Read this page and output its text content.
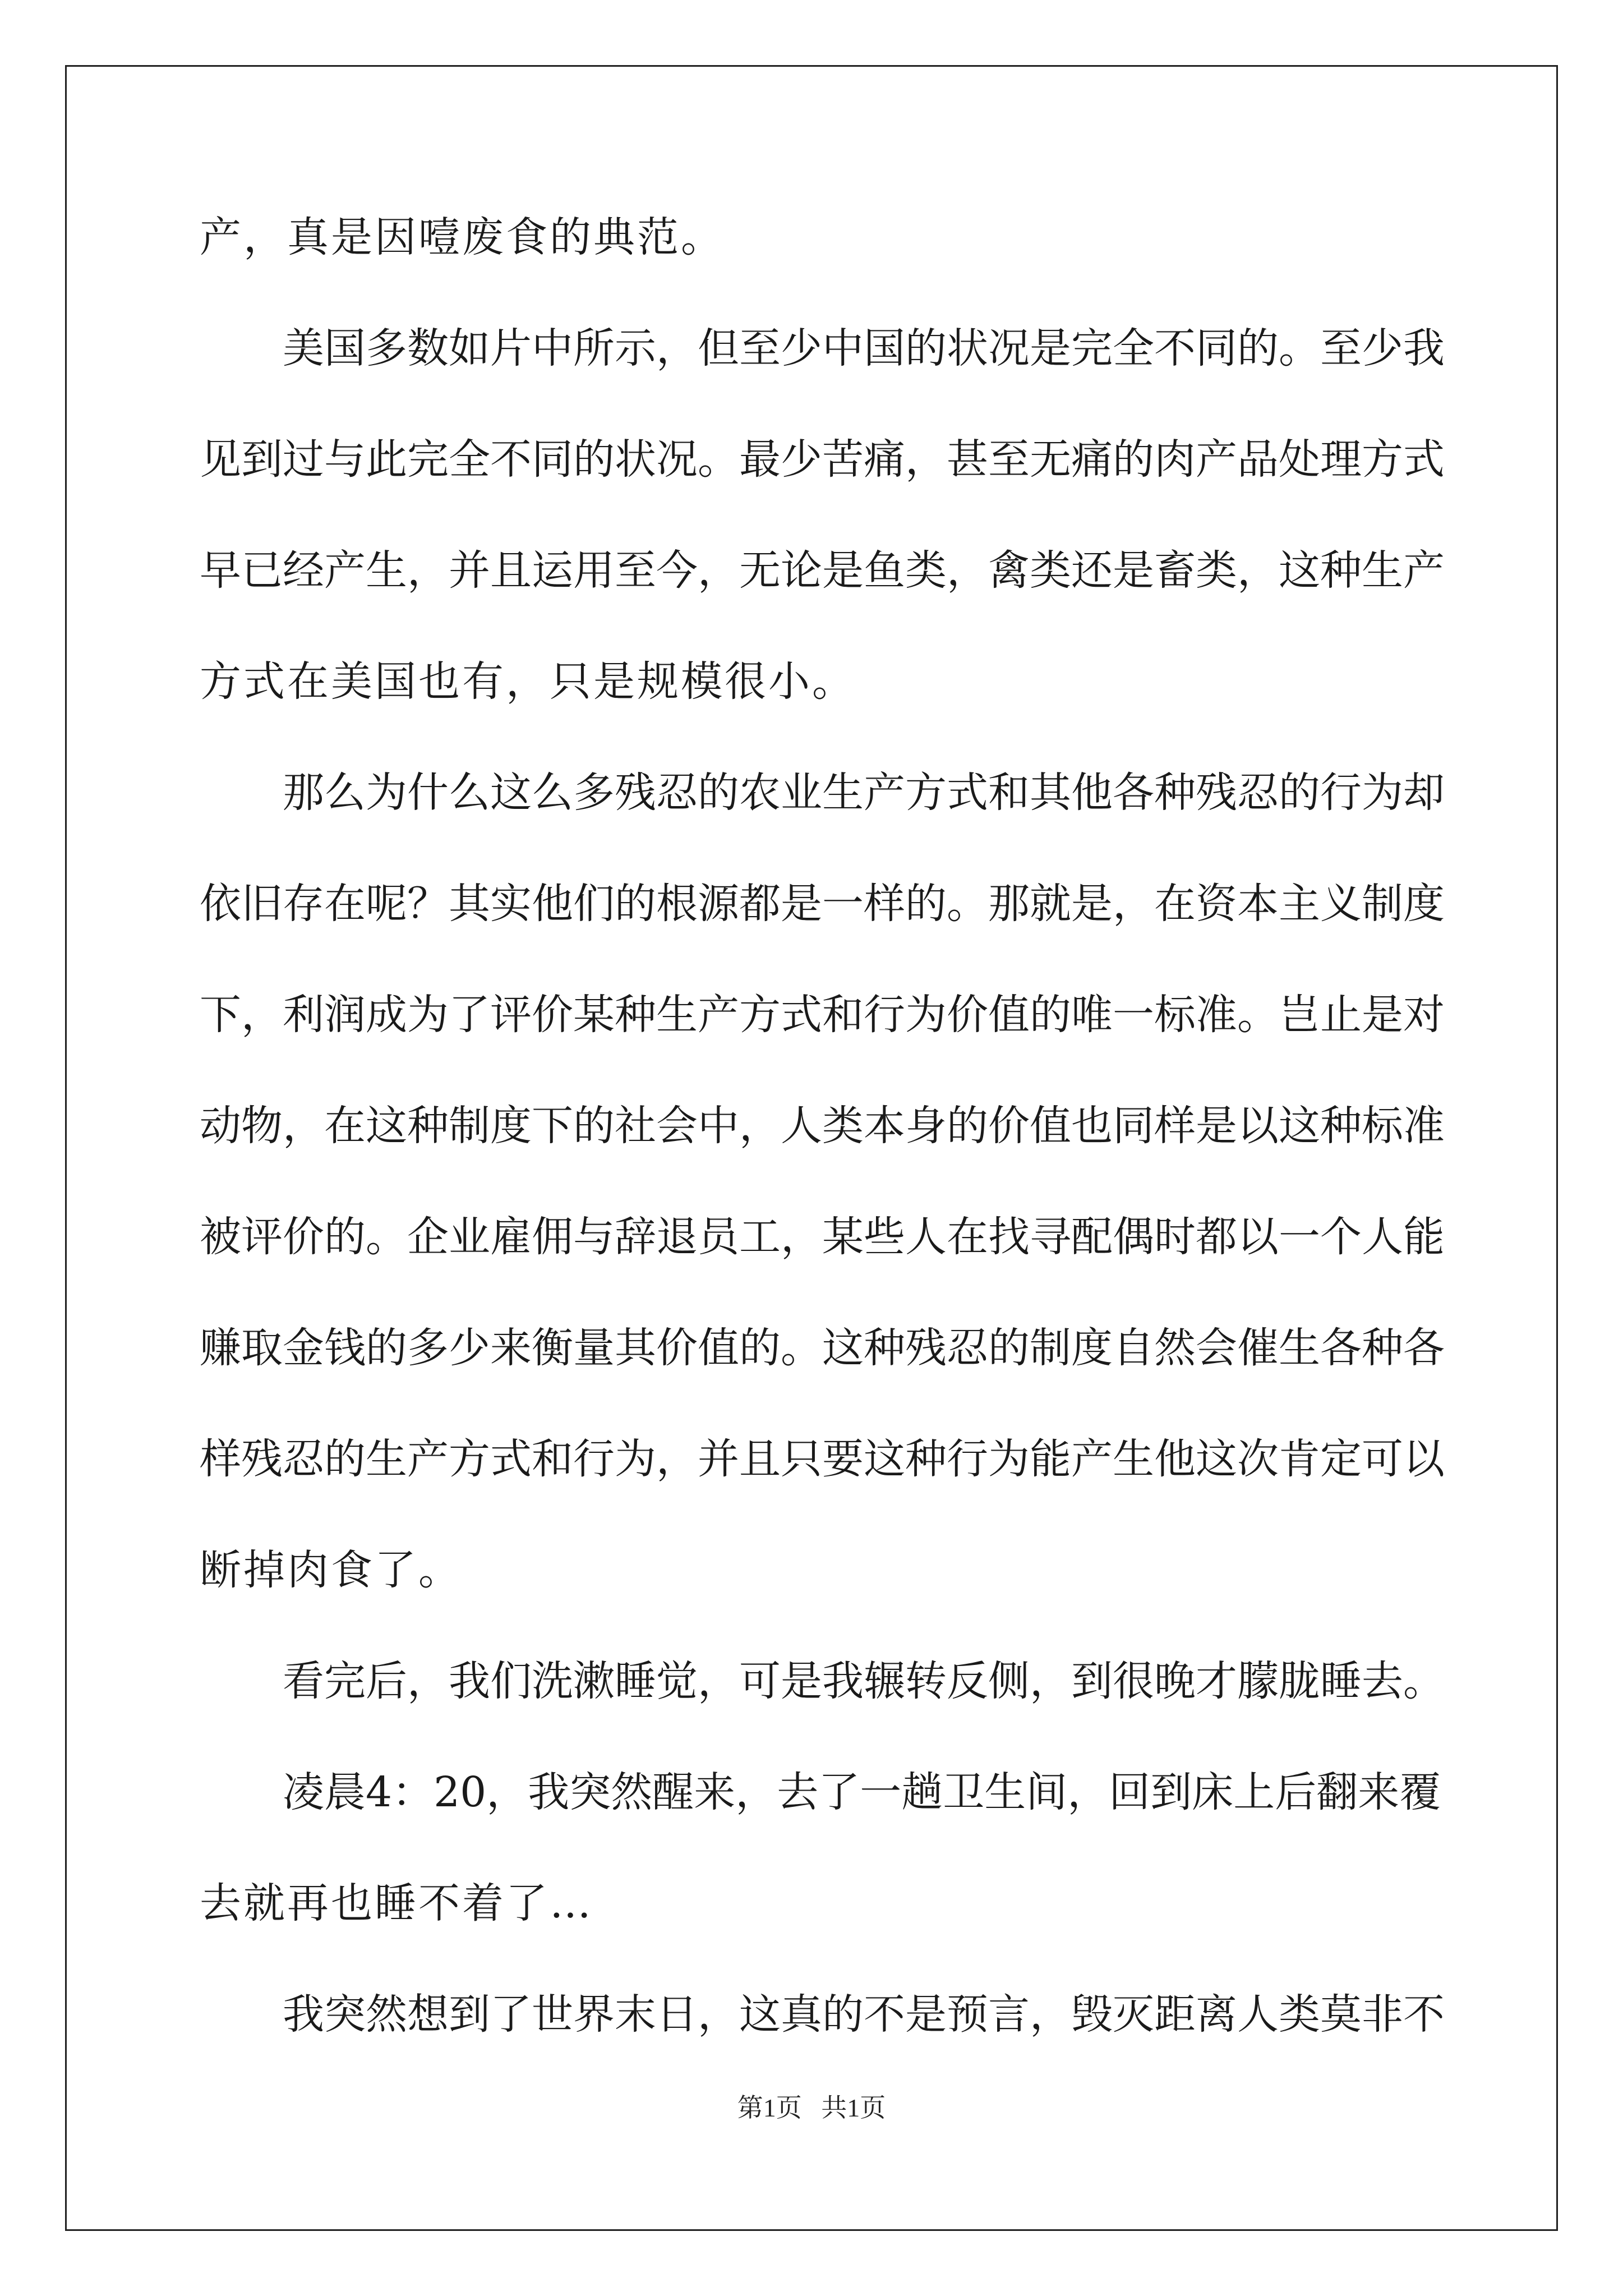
产，真是因噎废食的典范。
美国多数如片中所示，但至少中国的状况是完全不同的。至少我
见到过与此完全不同的状况。最少苦痛，甚至无痛的肉产品处理方式
早已经产生，并且运用至今，无论是鱼类，禽类还是畜类，这种生产
方式在美国也有，只是规模很小。
那么为什么这么多残忍的农业生产方式和其他各种残忍的行为却
依旧存在呢？其实他们的根源都是一样的。那就是，在资本主义制度
下，利润成为了评价某种生产方式和行为价值的唯一标准。岂止是对
动物，在这种制度下的社会中，人类本身的价值也同样是以这种标准
被评价的。企业雇佣与辞退员工，某些人在找寻配偶时都以一个人能
赚取金钱的多少来衡量其价值的。这种残忍的制度自然会催生各种各
样残忍的生产方式和行为，并且只要这种行为能产生他这次肯定可以
断掉肉食了。
看完后，我们洗漱睡觉，可是我辗转反侧，到很晚才朦胧睡去。
凌晨4：20，我突然醒来，去了一趟卫生间，回到床上后翻来覆
去就再也睡不着了…
我突然想到了世界末日，这真的不是预言，毁灭距离人类莫非不
第1页   共1页
